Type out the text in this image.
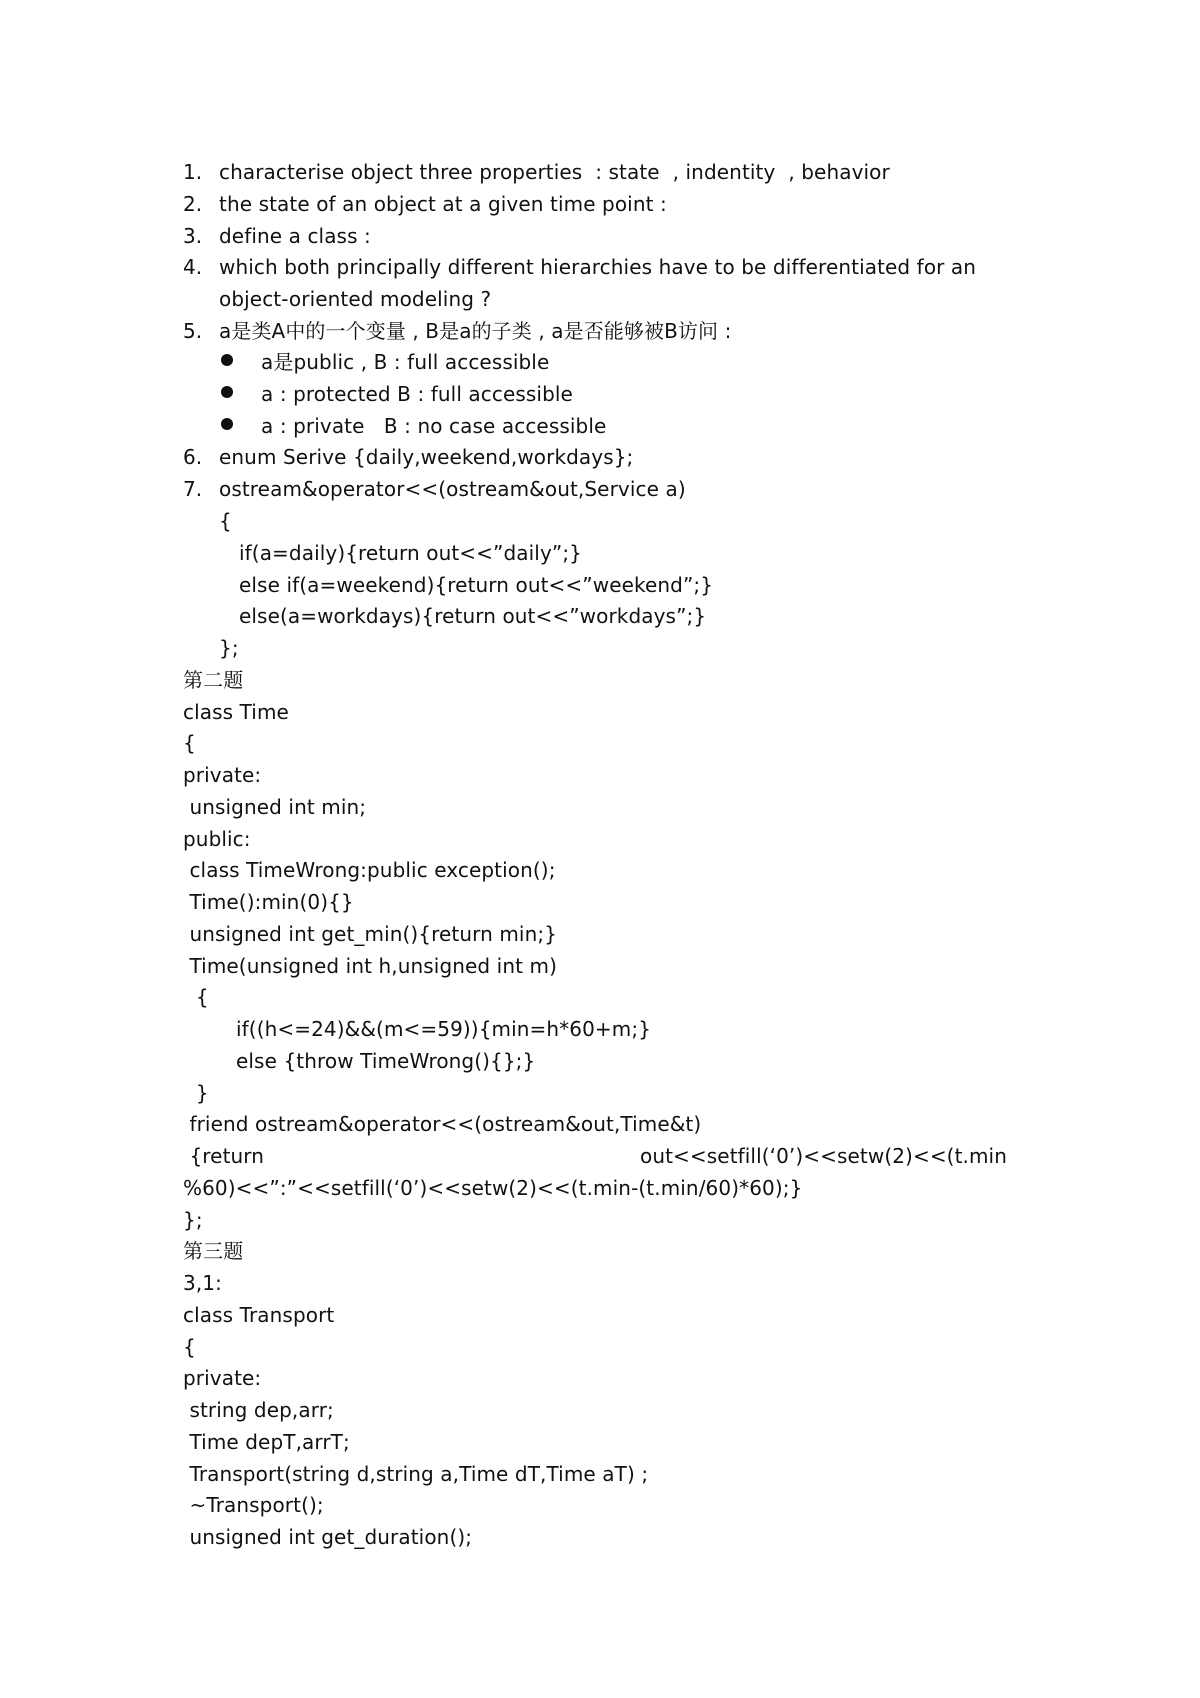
1. characterise object three properties  : state  , indentity  , behavior
2. the state of an object at a given time point :
3. define a class :
4. which both principally different hierarchies have to be differentiated for an
object-oriented modeling ?
5. a是类A中的一个变量 , B是a的子类 , a是否能够被B访问 :
a是public , B : full accessible
a : protected B : full accessible
a : private   B : no case accessible
6. enum Serive {daily,weekend,workdays};
7. ostream&operator<<(ostream&out,Service a)
{
if(a=daily){return out<<”daily”;}
else if(a=weekend){return out<<”weekend”;}
else(a=workdays){return out<<”workdays”;}
};
第二题
class Time
{
private:
unsigned int min;
public:
class TimeWrong:public exception();
Time():min(0){}
unsigned int get_min(){return min;}
Time(unsigned int h,unsigned int m)
{
if((h<=24)&&(m<=59)){min=h*60+m;}
else {throw TimeWrong(){};}
}
friend ostream&operator<<(ostream&out,Time&t)
{return	out<<setfill(‘0’)<<setw(2)<<(t.min
%60)<<”:”<<setfill(‘0’)<<setw(2)<<(t.min-(t.min/60)*60);}
};
第三题
3,1:
class Transport
{
private:
string dep,arr;
Time depT,arrT;
Transport(string d,string a,Time dT,Time aT) ;
~Transport();
unsigned int get_duration();
